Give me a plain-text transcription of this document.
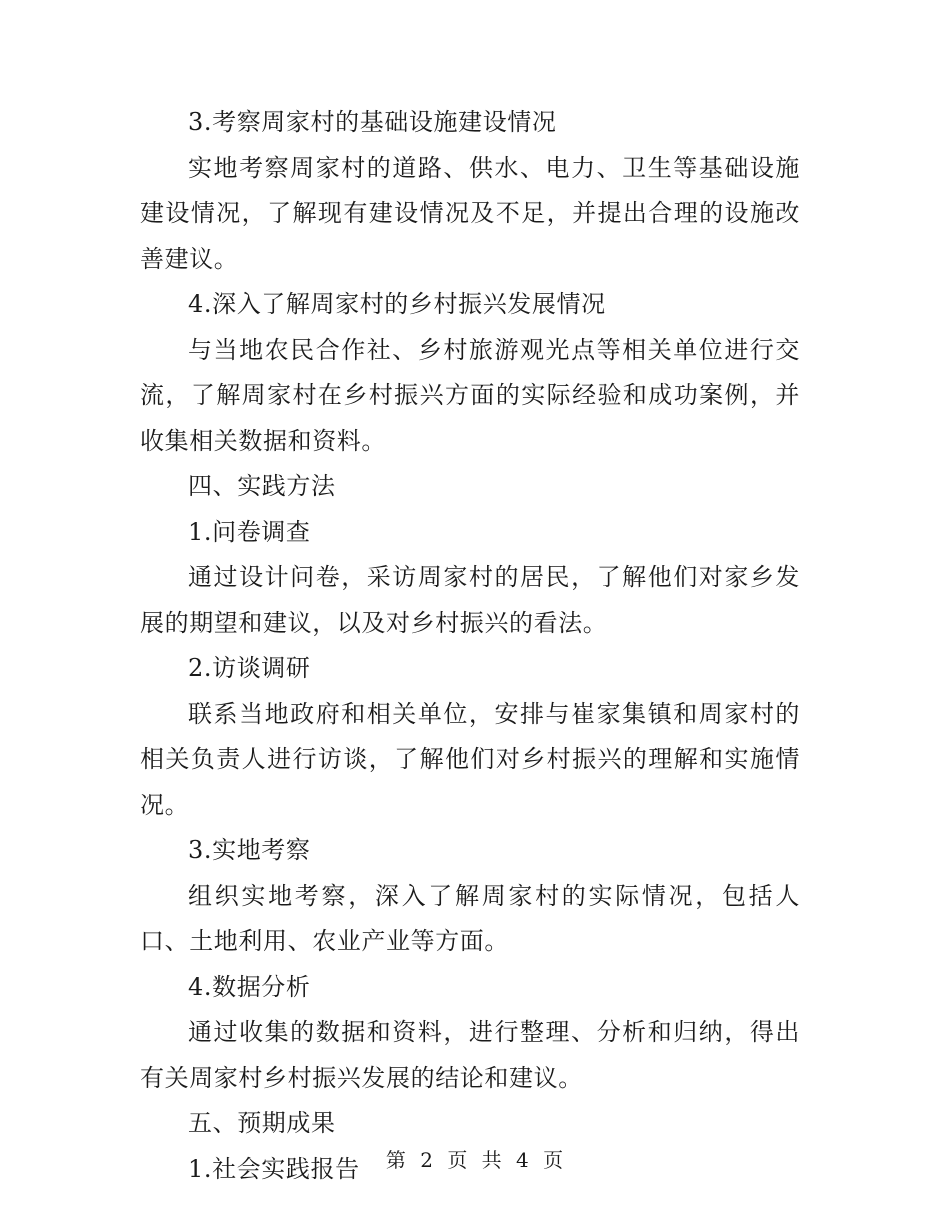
3.考察周家村的基础设施建设情况

实地考察周家村的道路、供水、电力、卫生等基础设施建设情况，了解现有建设情况及不足，并提出合理的设施改善建议。

4.深入了解周家村的乡村振兴发展情况

与当地农民合作社、乡村旅游观光点等相关单位进行交流，了解周家村在乡村振兴方面的实际经验和成功案例，并收集相关数据和资料。

四、实践方法

1.问卷调查

通过设计问卷，采访周家村的居民，了解他们对家乡发展的期望和建议，以及对乡村振兴的看法。

2.访谈调研

联系当地政府和相关单位，安排与崔家集镇和周家村的相关负责人进行访谈，了解他们对乡村振兴的理解和实施情况。

3.实地考察

组织实地考察，深入了解周家村的实际情况，包括人口、土地利用、农业产业等方面。

4.数据分析

通过收集的数据和资料，进行整理、分析和归纳，得出有关周家村乡村振兴发展的结论和建议。

五、预期成果

1.社会实践报告	第 2 页 共 4 页
